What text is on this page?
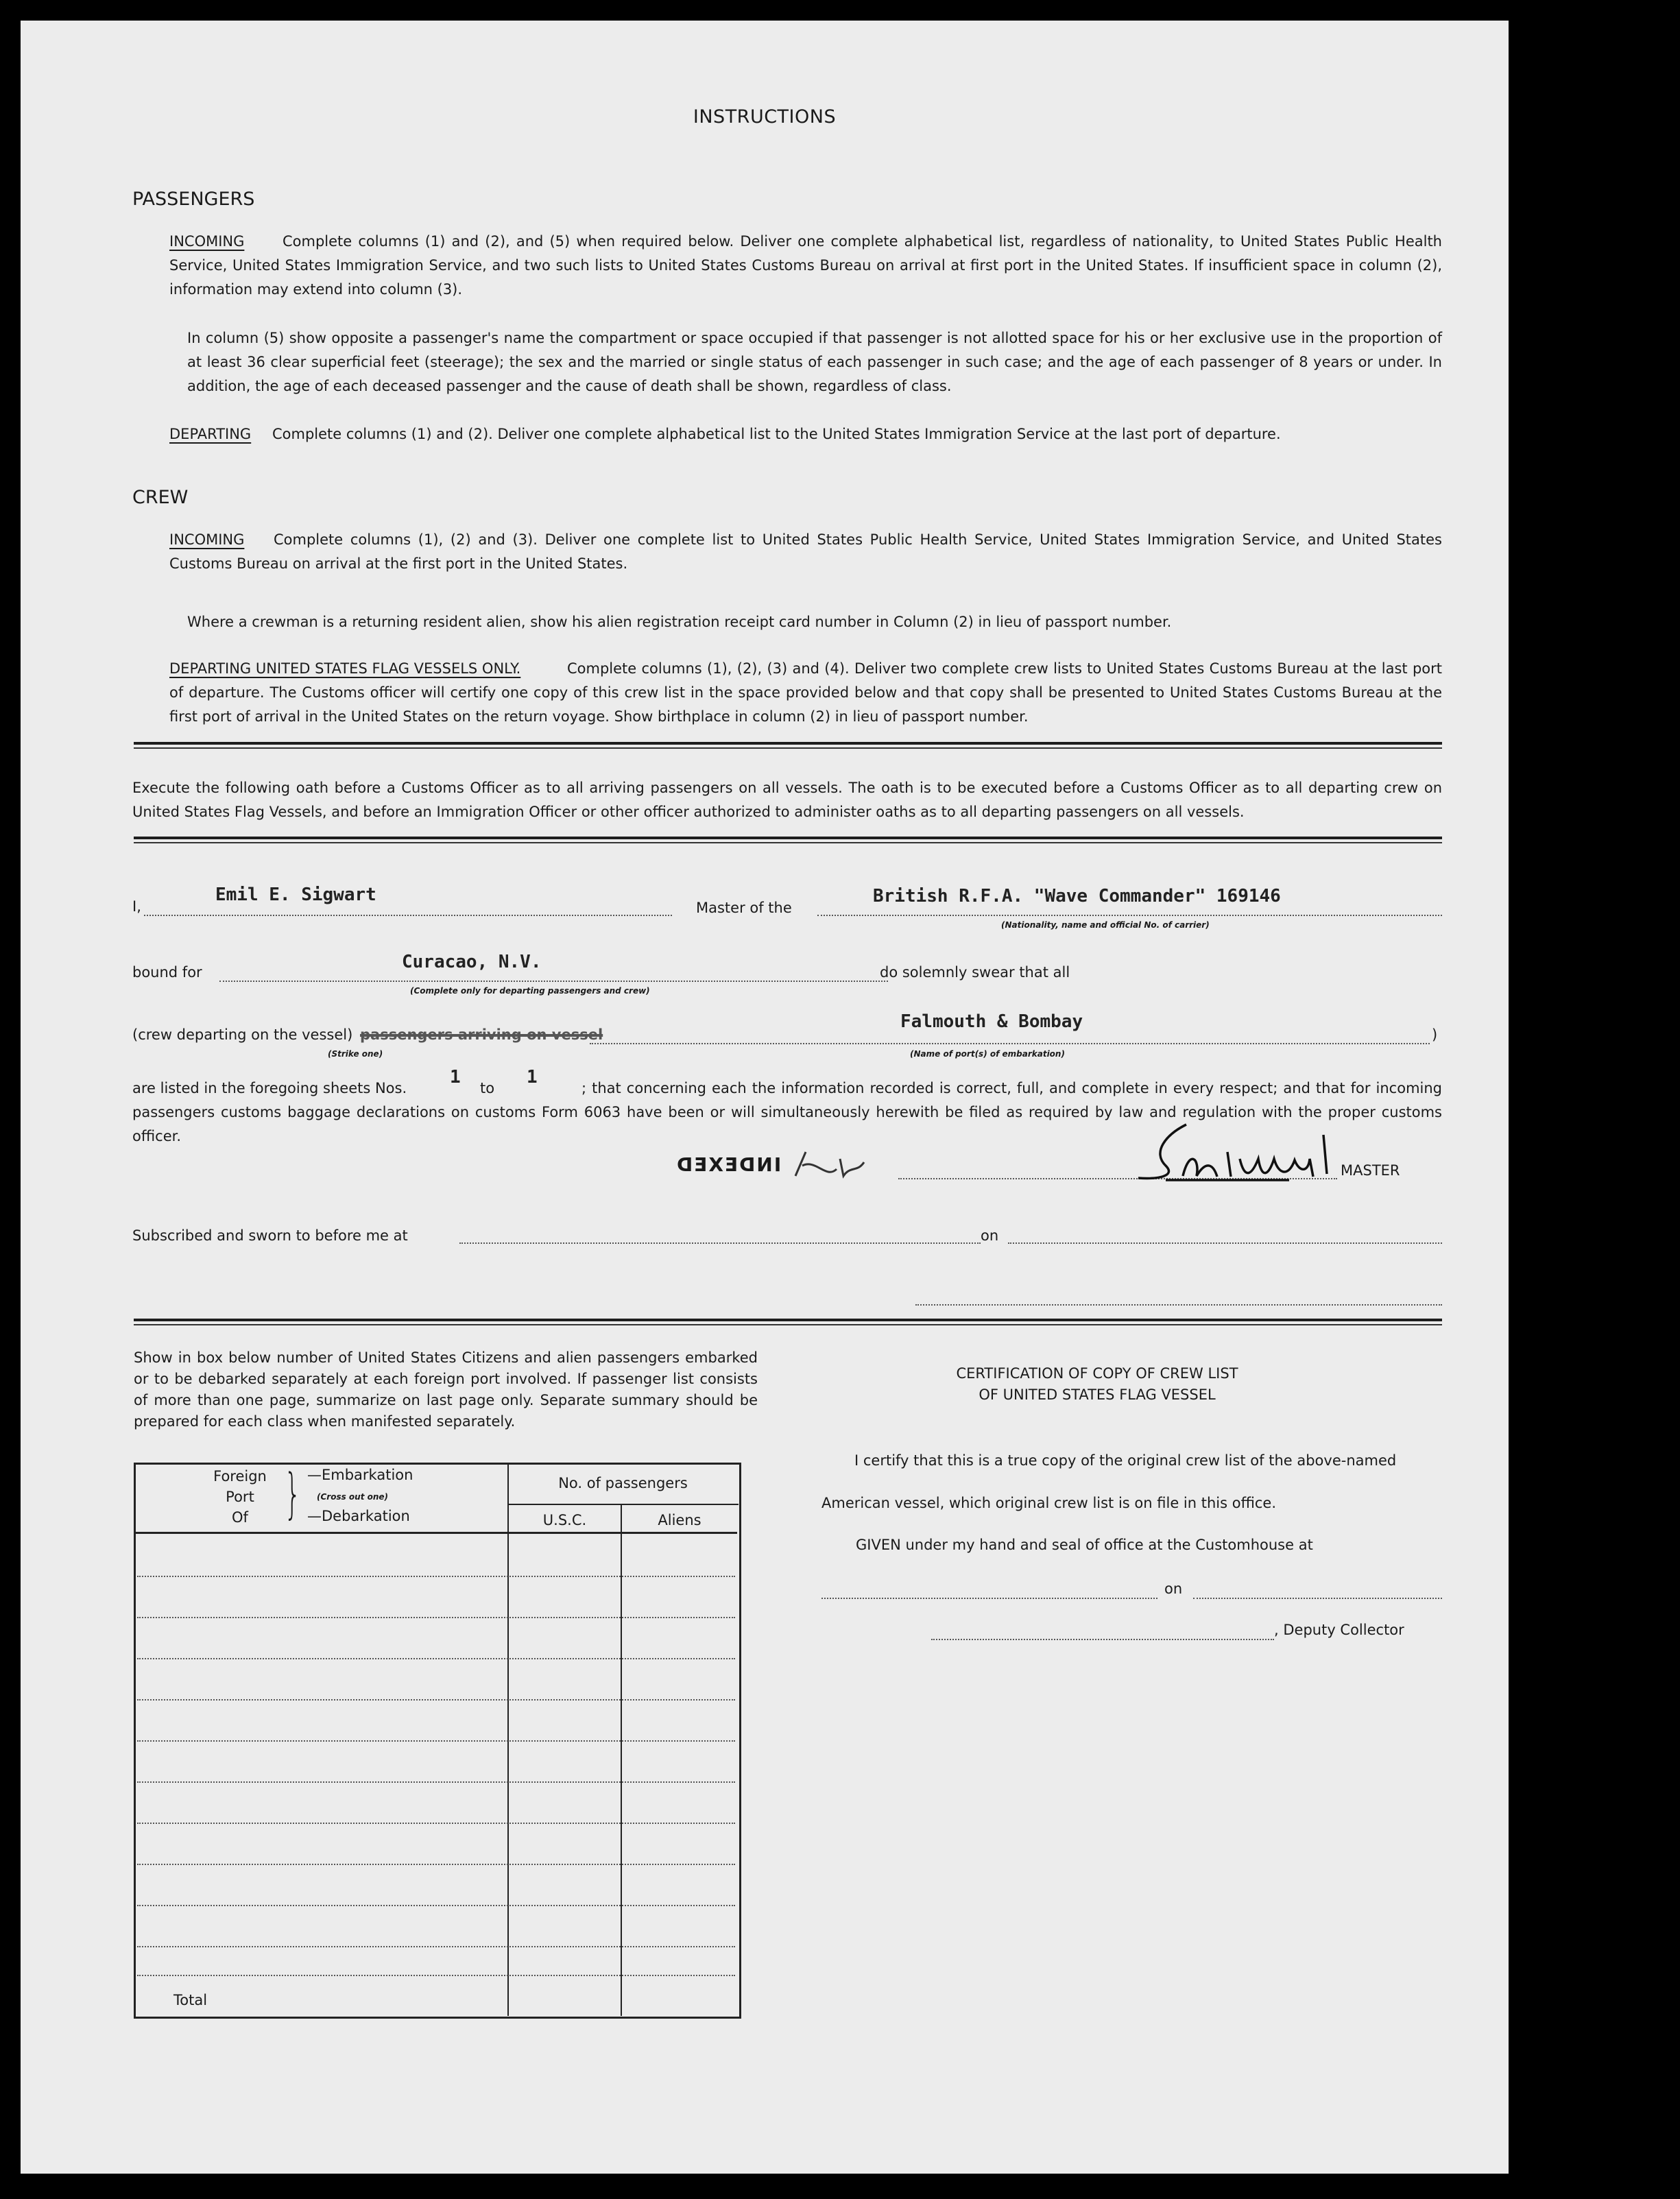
INSTRUCTIONS
PASSENGERS
INCOMING	Complete columns (1) and (2), and (5) when required below. Deliver one complete alphabetical list, regardless of nationality, to United States Public Health Service, United States Immigration Service, and two such lists to United States Customs Bureau on arrival at first port in the United States. If insufficient space in column (2), information may extend into column (3).
In column (5) show opposite a passenger's name the compartment or space occupied if that passenger is not allotted space for his or her exclusive use in the proportion of at least 36 clear superficial feet (steerage); the sex and the married or single status of each passenger in such case; and the age of each passenger of 8 years or under. In addition, the age of each deceased passenger and the cause of death shall be shown, regardless of class.
DEPARTING Complete columns (1) and (2). Deliver one complete alphabetical list to the United States Immigration Service at the last port of departure.
CREW
INCOMING	Complete columns (1), (2) and (3). Deliver one complete list to United States Public Health Service, United States Immigration Service, and United States Customs Bureau on arrival at the first port in the United States.
Where a crewman is a returning resident alien, show his alien registration receipt card number in Column (2) in lieu of passport number.
DEPARTING UNITED STATES FLAG VESSELS ONLY.	Complete columns (1), (2), (3) and (4). Deliver two complete crew lists to United States Customs Bureau at the last port of departure. The Customs officer will certify one copy of this crew list in the space provided below and that copy shall be presented to United States Customs Bureau at the first port of arrival in the United States on the return voyage. Show birthplace in column (2) in lieu of passport number.
Execute the following oath before a Customs Officer as to all arriving passengers on all vessels. The oath is to be executed before a Customs Officer as to all departing crew on United States Flag Vessels, and before an Immigration Officer or other officer authorized to administer oaths as to all departing passengers on all vessels.
I,
Emil E. Sigwart
Master of the
British R.F.A. "Wave Commander" 169146
(Nationality, name and official No. of carrier)
bound for	Curacao, N.V.
(Complete only for departing passengers and crew)
do solemnly swear that all
(crew departing on the vessel) passengers arriving on vessel
(Strike one)
Falmouth & Bombay
(Name of port(s) of embarkation)
)
are listed in the foregoing sheets Nos.
1
to
1
; that concerning each the information recorded is correct, full, and complete in every respect; and that for incoming passengers customs baggage declarations on customs Form 6063 have been or will simultaneously herewith be filed as required by law and regulation with the proper customs officer.
INDEXED	MASTER
Subscribed and sworn to before me at	on
Show in box below number of United States Citizens and alien passengers embarked or to be debarked separately at each foreign port involved. If passenger list consists of more than one page, summarize on last page only. Separate summary should be prepared for each class when manifested separately.
Foreign
Port
Of } —Embarkation
(Cross out one)
—Debarkation
No. of passengers
U.S.C.	Aliens
Total
CERTIFICATION OF COPY OF CREW LIST
OF UNITED STATES FLAG VESSEL
I certify that this is a true copy of the original crew list of the above-named
American vessel, which original crew list is on file in this office.
GIVEN under my hand and seal of office at the Customhouse at
on
, Deputy Collector
